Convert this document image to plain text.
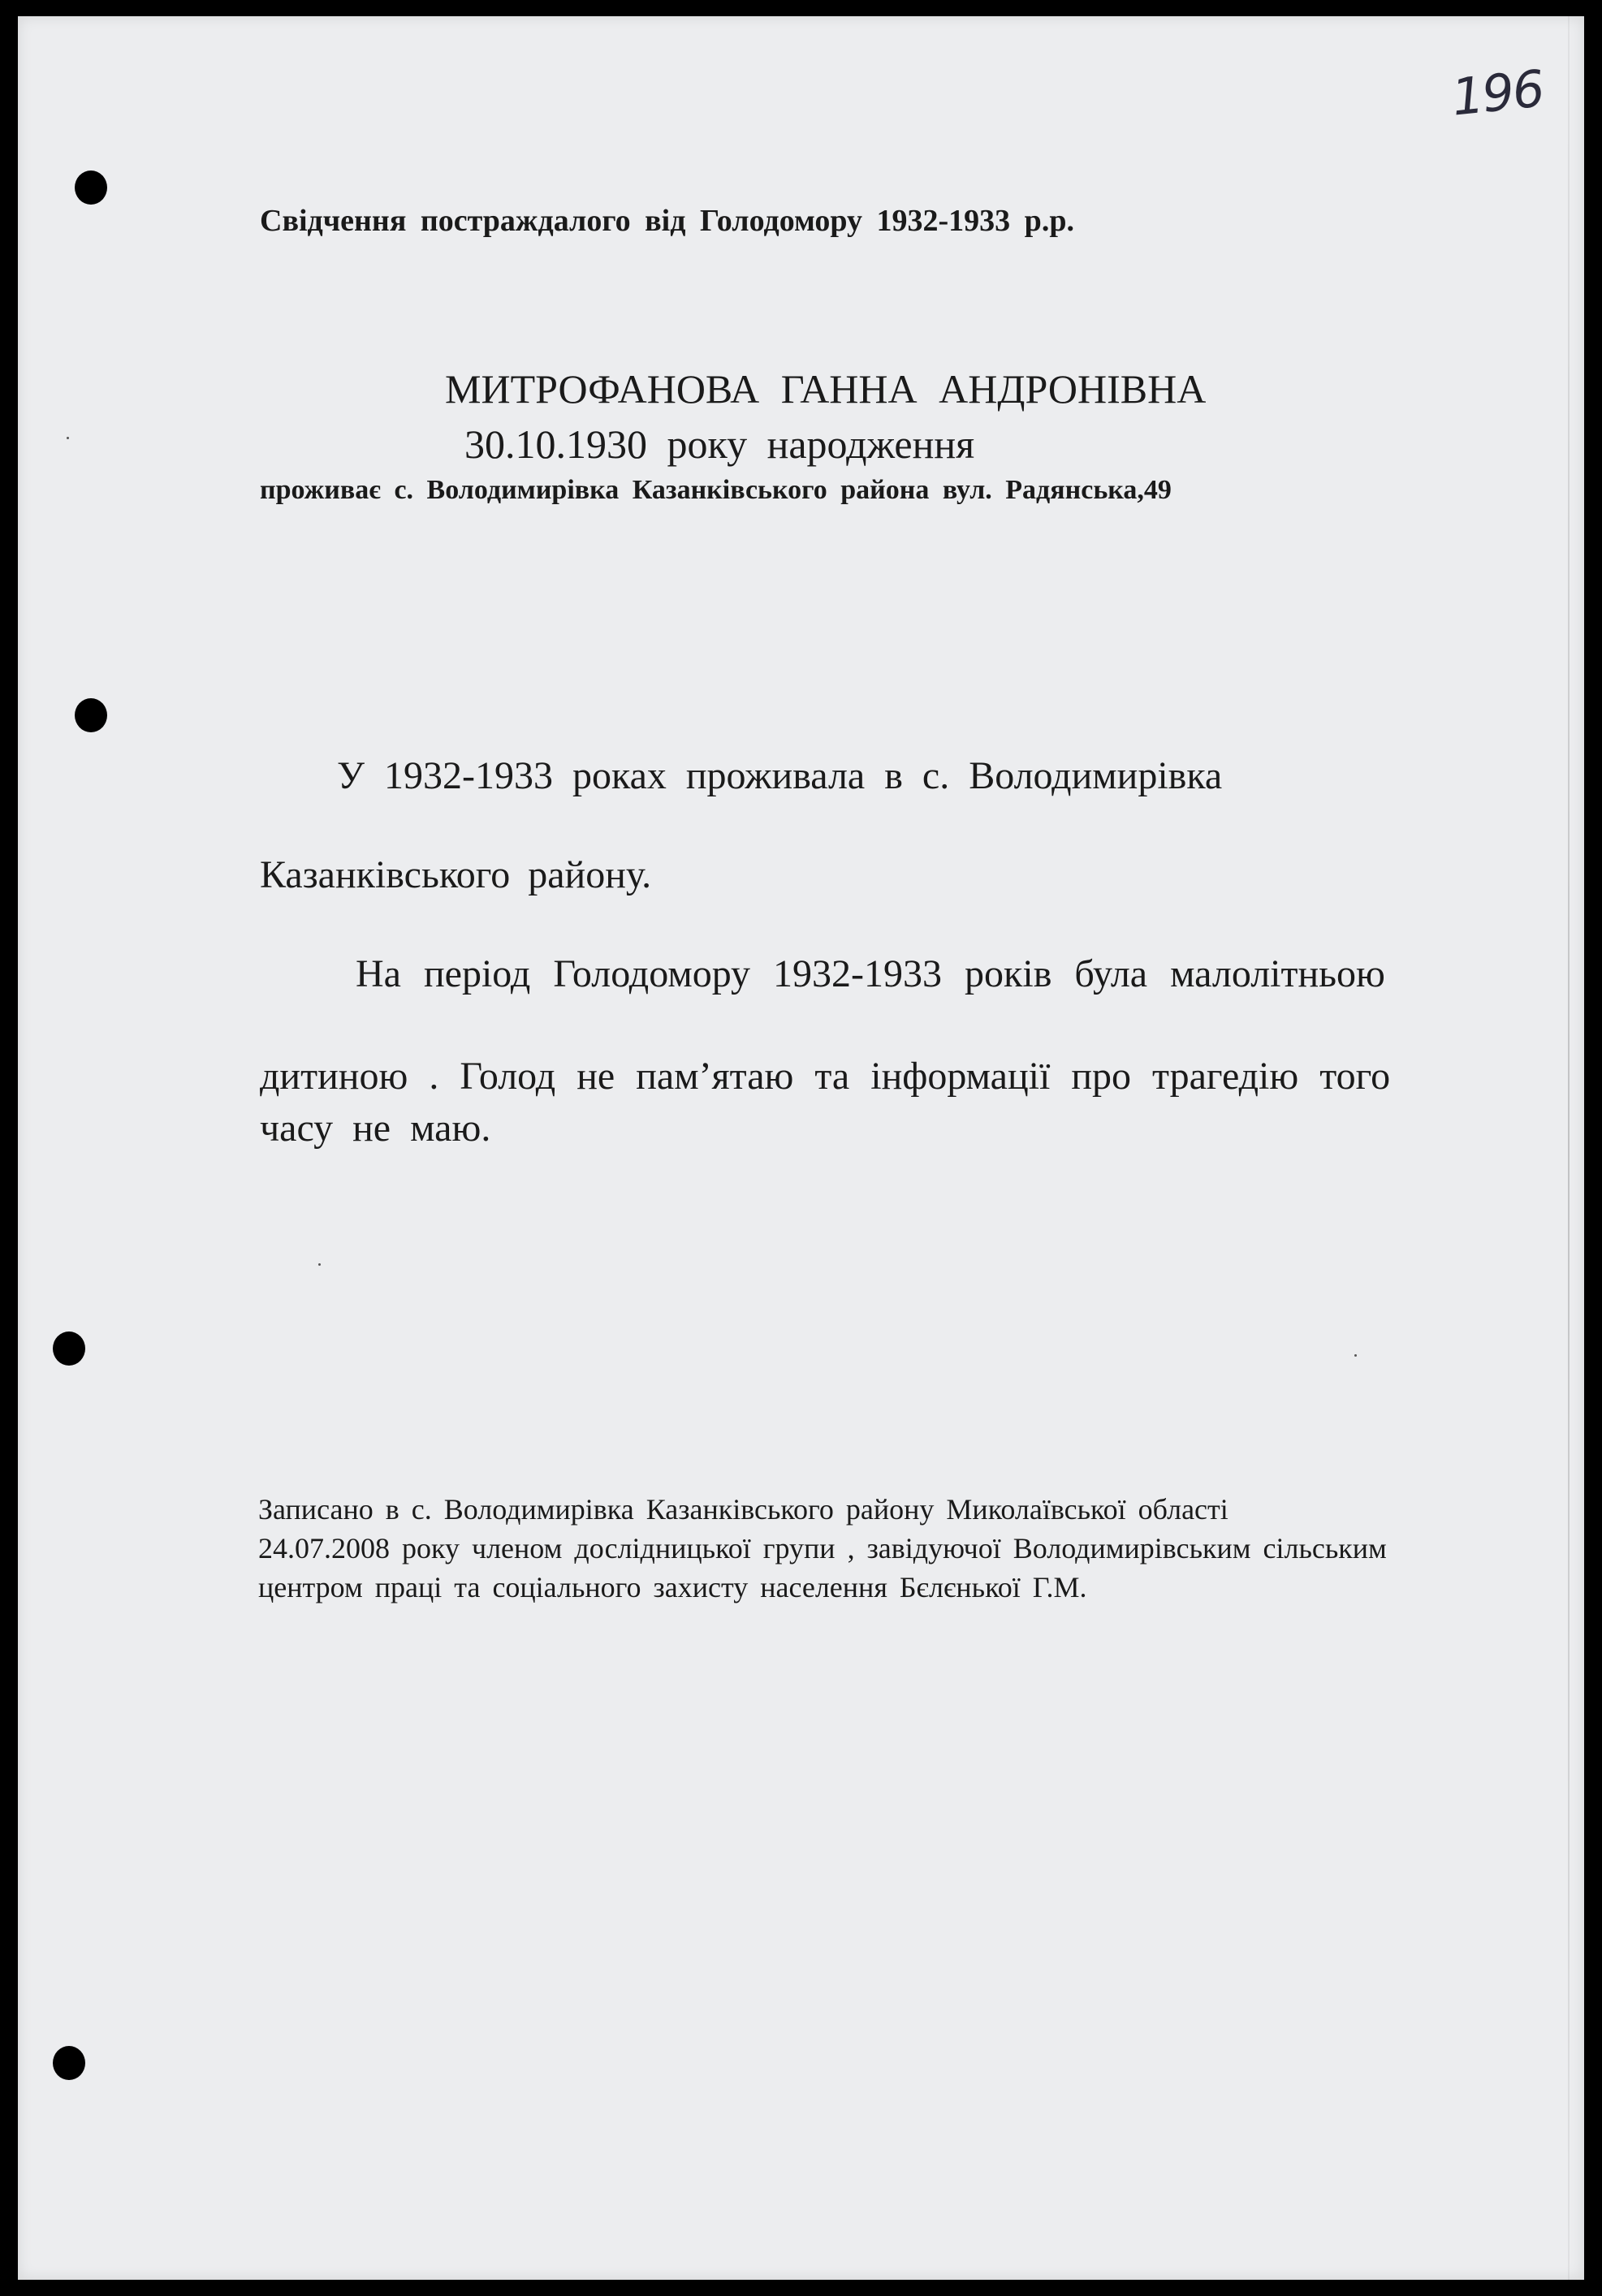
196
Свідчення постраждалого від Голодомору 1932-1933 р.р.
МИТРОФАНОВА ГАННА АНДРОНІВНА
30.10.1930 року народження
проживає с. Володимирівка Казанківського района вул. Радянська,49
У 1932-1933 роках проживала в с. Володимирівка
Казанківського району.
На період Голодомору 1932-1933 років була малолітньою
дитиною . Голод не пам’ятаю та інформації про трагедію того
часу не маю.
Записано в с. Володимирівка Казанківського району Миколаївської області
24.07.2008 року членом дослідницької групи , завідуючої Володимирівським сільським
центром праці та соціального захисту населення Бєлєнької Г.М.
